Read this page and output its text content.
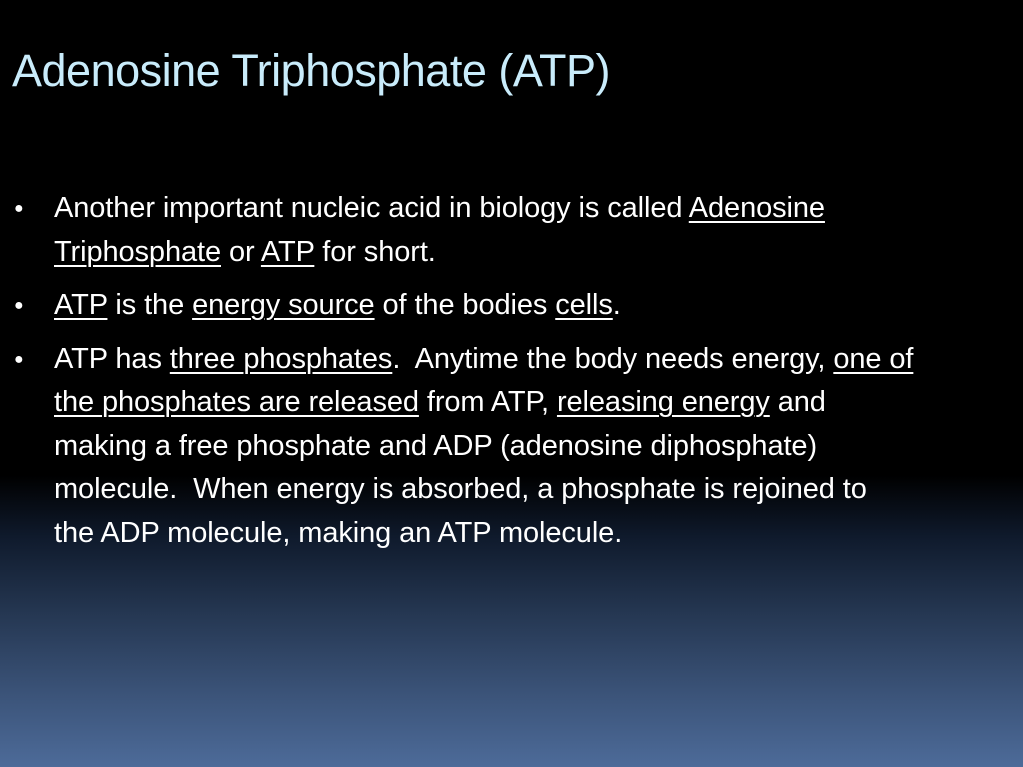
Adenosine Triphosphate (ATP)
● Another important nucleic acid in biology is called Adenosine Triphosphate or ATP for short.
● ATP is the energy source of the bodies cells.
● ATP has three phosphates.  Anytime the body needs energy, one of the phosphates are released from ATP, releasing energy and making a free phosphate and ADP (adenosine diphosphate) molecule.  When energy is absorbed, a phosphate is rejoined to the ADP molecule, making an ATP molecule.
